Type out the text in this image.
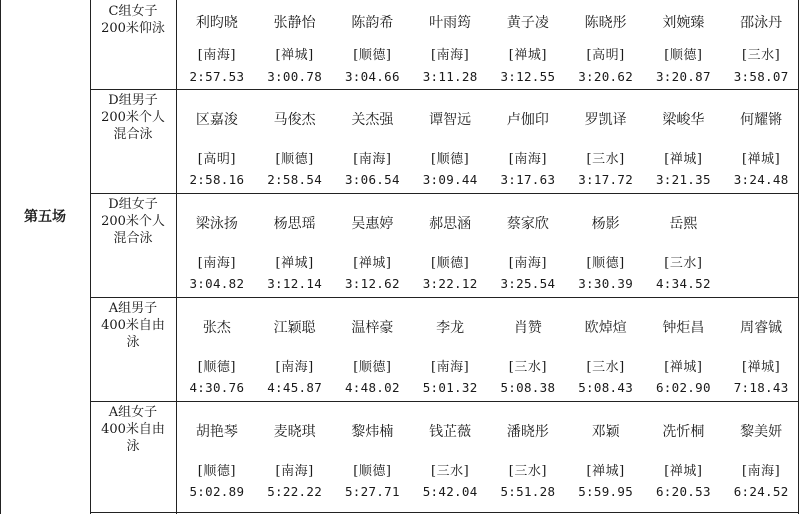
第五场
C组女子
200米仰泳	利昀晓
[南海]
2:57.53
张静怡
[禅城]
3:00.78
陈韵希
[顺德]
3:04.66
叶雨筠
[南海]
3:11.28
黄子凌
[禅城]
3:12.55
陈晓彤
[高明]
3:20.62
刘婉臻
[顺德]
3:20.87
邵泳丹
[三水]
3:58.07
D组男子
200米个人
混合泳
区嘉浚
[高明]
2:58.16
马俊杰
[顺德]
2:58.54
关杰强
[南海]
3:06.54
谭智远
[顺德]
3:09.44
卢伽印
[南海]
3:17.63
罗凯译
[三水]
3:17.72
梁峻华
[禅城]
3:21.35
何耀锵
[禅城]
3:24.48
D组女子
200米个人
混合泳
梁泳扬
[南海]
3:04.82
杨思瑶
[禅城]
3:12.14
吴惠婷
[禅城]
3:12.62
郝思涵
[顺德]
3:22.12
蔡家欣
[南海]
3:25.54
杨影
[顺德]
3:30.39
岳熙
[三水]
4:34.52
A组男子
400米自由
泳
张杰
[顺德]
4:30.76
江颖聪
[南海]
4:45.87
温梓豪
[顺德]
4:48.02
李龙
[南海]
5:01.32
肖赞
[三水]
5:08.38
欧焯煊
[三水]
5:08.43
钟炬昌
[禅城]
6:02.90
周睿铖
[禅城]
7:18.43
A组女子
400米自由
泳
胡艳琴
[顺德]
5:02.89
麦晓琪
[南海]
5:22.22
黎炜楠
[顺德]
5:27.71
钱芷薇
[三水]
5:42.04
潘晓彤
[三水]
5:51.28
邓颖
[禅城]
5:59.95
冼忻桐
[禅城]
6:20.53
黎美妍
[南海]
6:24.52
